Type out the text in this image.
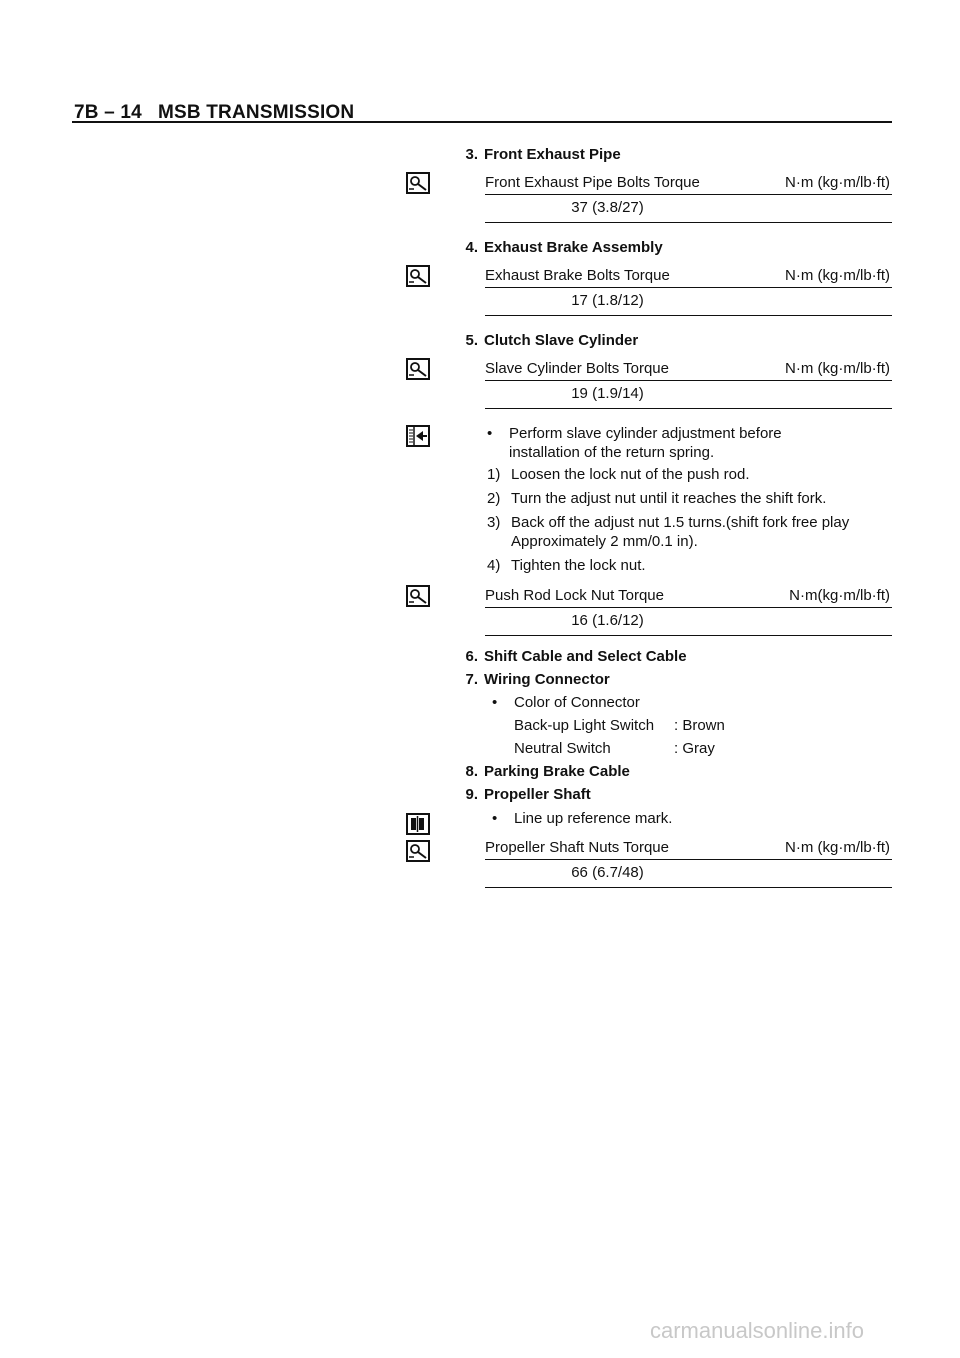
7B – 14 MSB TRANSMISSION
3. Front Exhaust Pipe
Front Exhaust Pipe Bolts Torque	N·m (kg·m/lb·ft)
37 (3.8/27)
4. Exhaust Brake Assembly
Exhaust Brake Bolts Torque	N·m (kg·m/lb·ft)
17 (1.8/12)
5. Clutch Slave Cylinder
Slave Cylinder Bolts Torque	N·m (kg·m/lb·ft)
19 (1.9/14)
• Perform slave cylinder adjustment before
installation of the return spring.
1) Loosen the lock nut of the push rod.
2) Turn the adjust nut until it reaches the shift fork.
3) Back off the adjust nut 1.5 turns.(shift fork free play
Approximately 2 mm/0.1 in).
4) Tighten the lock nut.
Push Rod Lock Nut Torque	N·m(kg·m/lb·ft)
16 (1.6/12)
6. Shift Cable and Select Cable
7. Wiring Connector
• Color of Connector
Back-up Light Switch : Brown
Neutral Switch	: Gray
8. Parking Brake Cable
9. Propeller Shaft
• Line up reference mark.
Propeller Shaft Nuts Torque	N·m (kg·m/lb·ft)
66 (6.7/48)
carmanualsonline.info
